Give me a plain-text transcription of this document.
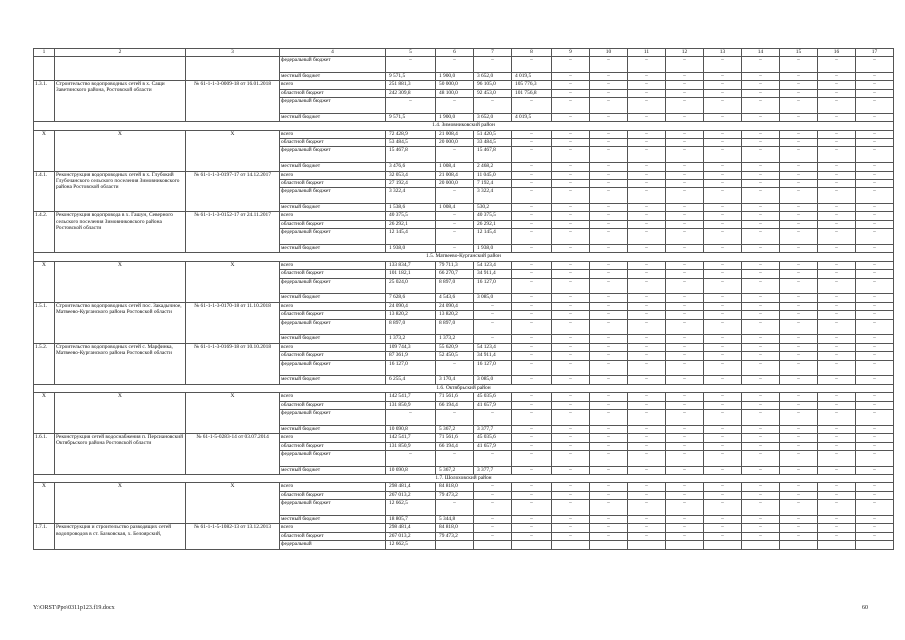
1	2	3	4	5	6	7	8	9	10	11	12	13	14	15	16	17
			федеральный бюджет	–	–	–	–	–	–	–	–	–	–	–	–	–
			местный бюджет	9 571,5	1 900,0	3 652,0	4 019,5	–	–	–	–	–	–	–	–	–
1.3.1.	Строительство водопроводных сетей в х. Сащи Заветинского района, Ростовской области	№ 61-1-1-3-0009-18 от 16.01.2018	всего	251 881,3	50 000,0	96 105,0	105 776,3	–	–	–	–	–	–	–	–	–
			областной бюджет	242 309,8	48 100,0	92 453,0	101 756,8	–	–	–	–	–	–	–	–	–
			федеральный бюджет	–	–	–	–	–	–	–	–	–	–	–	–	–
			местный бюджет	9 571,5	1 900,0	3 652,0	4 019,5	–	–	–	–	–	–	–	–	–
1.4. Зимовниковский район																
Х	Х	Х	всего	72 428,9	21 008,4	51 420,5	–	–	–	–	–	–	–	–	–	–
			областной бюджет	53 484,5	20 000,0	33 484,5	–	–	–	–	–	–	–	–	–	–
			федеральный бюджет	15 467,8	–	15 467,8	–	–	–	–	–	–	–	–	–	–
			местный бюджет	3 476,6	1 008,4	2 468,2	–	–	–	–	–	–	–	–	–	–
1.4.1.	Реконструкция водопроводных сетей в х. Глубокий Глубочанского сельского поселения Зимовниковского района Ростовской области	№ 61-1-1-3-0197-17 от 14.12.2017	всего	32 053,4	21 008,4	11 045,0	–	–	–	–	–	–	–	–	–	–
			областной бюджет	27 192,4	20 000,0	7 192,4	–	–	–	–	–	–	–	–	–	–
			федеральный бюджет	3 322,4	–	3 322,4	–	–	–	–	–	–	–	–	–	–
			местный бюджет	1 538,6	1 008,4	530,2	–	–	–	–	–	–	–	–	–	–
1.4.2.	Реконструкция водопровода в х. Гашун, Северного сельского поселения Зимовниковского района Ростовской области	№ 61-1-1-3-0152-17 от 24.11.2017	всего	40 375,5	–	40 375,5	–	–	–	–	–	–	–	–	–	–
			областной бюджет	26 292,1	–	26 292,1	–	–	–	–	–	–	–	–	–	–
			федеральный бюджет	12 145,4	–	12 145,4	–	–	–	–	–	–	–	–	–	–
			местный бюджет	1 938,0	–	1 938,0	–	–	–	–	–	–	–	–	–	–
1.5. Матвеево-Курганский район																
Х	Х	Х	всего	133 834,7	79 711,3	54 123,4	–	–	–	–	–	–	–	–	–	–
			областной бюджет	101 182,1	66 270,7	34 911,4	–	–	–	–	–	–	–	–	–	–
			федеральный бюджет	25 024,0	8 897,0	16 127,0	–	–	–	–	–	–	–	–	–	–
			местный бюджет	7 628,6	4 543,6	3 085,0	–	–	–	–	–	–	–	–	–	–
1.5.1.	Строительство водопроводных сетей пос. Закадычное, Матвеево-Курганского района Ростовской области	№ 61-1-1-3-0170-18 от 11.10.2018	всего	24 090,4	24 090,4	–	–	–	–	–	–	–	–	–	–	–
			областной бюджет	13 820,2	13 820,2	–	–	–	–	–	–	–	–	–	–	–
			федеральный бюджет	8 897,0	8 897,0	–	–	–	–	–	–	–	–	–	–	–
			местный бюджет	1 373,2	1 373,2	–	–	–	–	–	–	–	–	–	–	–
1.5.2.	Строительство водопроводных сетей с. Марфинка, Матвеево-Курганского района Ростовской области	№ 61-1-1-3-0169-18 от 10.10.2018	всего	109 744,3	55 620,9	54 123,4	–	–	–	–	–	–	–	–	–	–
			областной бюджет	87 361,9	52 450,5	34 911,4	–	–	–	–	–	–	–	–	–	–
			федеральный бюджет	16 127,0	–	16 127,0	–	–	–	–	–	–	–	–	–	–
			местный бюджет	6 255,4	3 170,4	3 085,0	–	–	–	–	–	–	–	–	–	–
1.6. Октябрьский район																
Х	Х	Х	всего	142 541,7	71 561,6	45 035,6	–	–	–	–	–	–	–	–	–	–
			областной бюджет	131 850,9	66 194,4	41 657,9	–	–	–	–	–	–	–	–	–	–
			федеральный бюджет	–	–	–	–	–	–	–	–	–	–	–	–	–
			местный бюджет	10 690,8	5 367,2	3 377,7	–	–	–	–	–	–	–	–	–	–
1.6.1.	Реконструкция сетей водоснабжения п. Персиановский Октябрьского района Ростовской области	№ 61-1-5-0283-14 от 03.07.2014	всего	142 541,7	71 561,6	45 035,6	–	–	–	–	–	–	–	–	–	–
			областной бюджет	131 850,9	66 194,4	41 657,9	–	–	–	–	–	–	–	–	–	–
			федеральный бюджет	–	–	–	–	–	–	–	–	–	–	–	–	–
			местный бюджет	10 690,8	5 367,2	3 377,7	–	–	–	–	–	–	–	–	–	–
1.7. Шолоховский район																
Х	Х	Х	всего	298 481,4	84 818,0	–	–	–	–	–	–	–	–	–	–	–
			областной бюджет	267 013,2	79 473,2	–	–	–	–	–	–	–	–	–	–	–
			федеральный бюджет	12 662,5	–	–	–	–	–	–	–	–	–	–	–	–
			местный бюджет	18 805,7	5 344,8	–	–	–	–	–	–	–	–	–	–	–
1.7.1.	Реконструкция и строительство разводящих сетей водопроводов в ст. Базковская, х. Белоярский,	№ 61-1-1-5-1082-13 от 13.12.2013	всего	298 481,4	84 818,0	–	–	–	–	–	–	–	–	–	–	–
			областной бюджет	267 013,2	79 473,2	–	–	–	–	–	–	–	–	–	–	–
			федеральный	12 662,5												
Y:\ORST\Ppo\0311p123.f19.docx	60
